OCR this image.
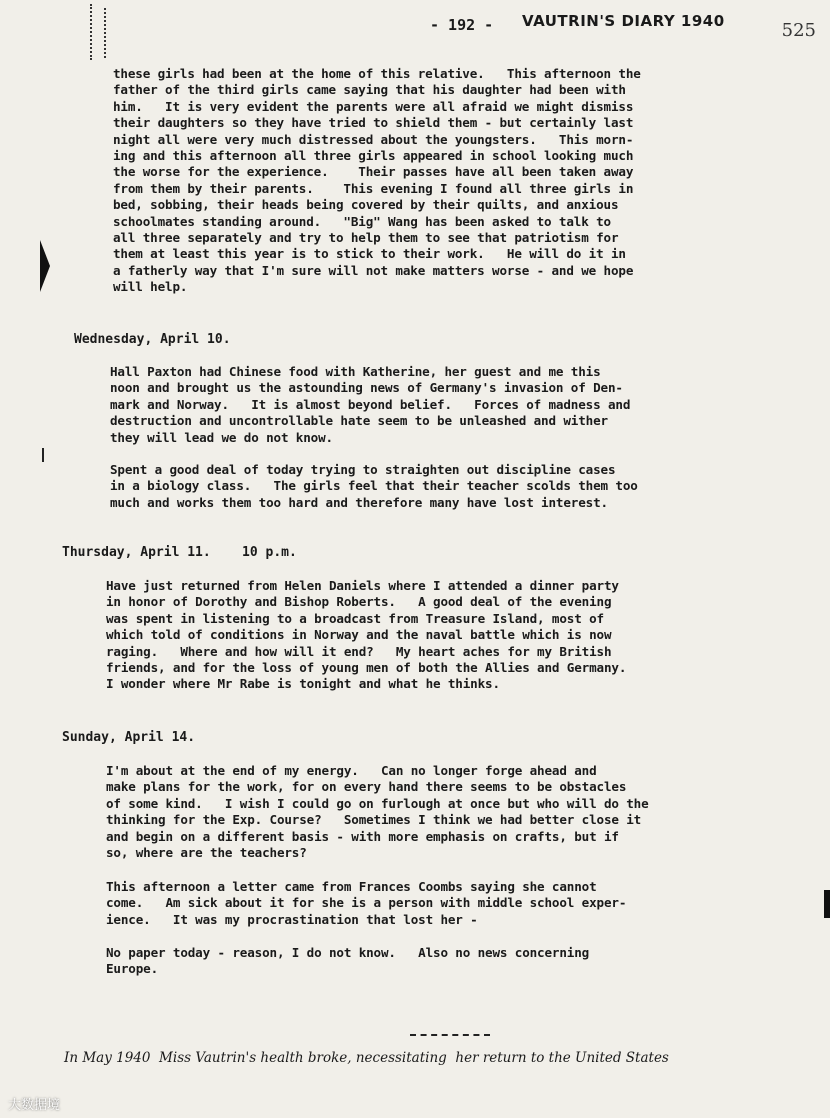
- 192 - VAUTRIN'S DIARY 1940	525
these girls had been at the home of this relative.   This afternoon the
father of the third girls came saying that his daughter had been with
him.   It is very evident the parents were all afraid we might dismiss
their daughters so they have tried to shield them - but certainly last
night all were very much distressed about the youngsters.   This morn-
ing and this afternoon all three girls appeared in school looking much
the worse for the experience.    Their passes have all been taken away
from them by their parents.    This evening I found all three girls in
bed, sobbing, their heads being covered by their quilts, and anxious
schoolmates standing around.   "Big" Wang has been asked to talk to
all three separately and try to help them to see that patriotism for
them at least this year is to stick to their work.   He will do it in
a fatherly way that I'm sure will not make matters worse - and we hope
will help.
Wednesday, April 10.
Hall Paxton had Chinese food with Katherine, her guest and me this
noon and brought us the astounding news of Germany's invasion of Den-
mark and Norway.   It is almost beyond belief.   Forces of madness and
destruction and uncontrollable hate seem to be unleashed and wither
they will lead we do not know.
Spent a good deal of today trying to straighten out discipline cases
in a biology class.   The girls feel that their teacher scolds them too
much and works them too hard and therefore many have lost interest.
Thursday, April 11.    10 p.m.
Have just returned from Helen Daniels where I attended a dinner party
in honor of Dorothy and Bishop Roberts.   A good deal of the evening
was spent in listening to a broadcast from Treasure Island, most of
which told of conditions in Norway and the naval battle which is now
raging.   Where and how will it end?   My heart aches for my British
friends, and for the loss of young men of both the Allies and Germany.
I wonder where Mr Rabe is tonight and what he thinks.
Sunday, April 14.
I'm about at the end of my energy.   Can no longer forge ahead and
make plans for the work, for on every hand there seems to be obstacles
of some kind.   I wish I could go on furlough at once but who will do the
thinking for the Exp. Course?   Sometimes I think we had better close it
and begin on a different basis - with more emphasis on crafts, but if
so, where are the teachers?
This afternoon a letter came from Frances Coombs saying she cannot
come.   Am sick about it for she is a person with middle school exper-
ience.   It was my procrastination that lost her -
No paper today - reason, I do not know.   Also no news concerning
Europe.
In May 1940  Miss Vautrin's health broke, necessitating  her return to the United States
大数据境
